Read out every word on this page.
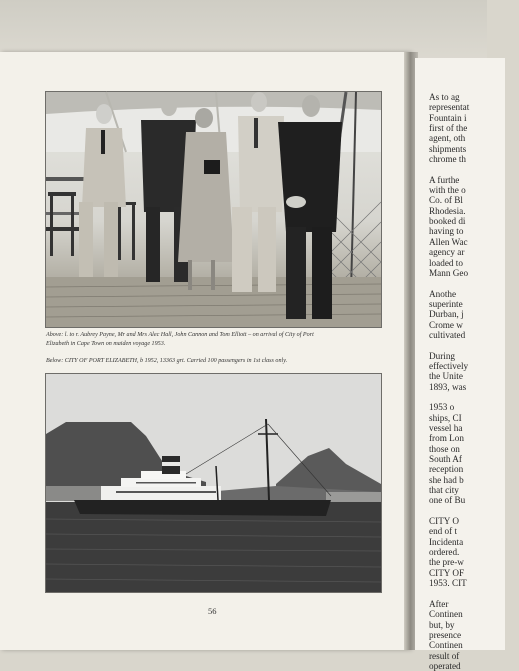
As to ag
representat
Fountain i
first of the
agent, oth
shipments
chrome th
A furthe
with the o
Co. of Bl
Rhodesia.
booked di
having to
Allen Wac
agency ar
loaded to
Mann Geo
Anothe
superinte
Durban, j
Crome w
cultivated
During
effectively
the Unite
1893, was
1953 o
ships, CI
vessel ha
from Lon
those on
South Af
reception
she had b
that city
one of Bu
CITY O
end of t
Incidenta
ordered.
the pre-w
CITY OF
1953. CIT
After
Continen
but, by
presence
Continen
result of
operated
Above: l. to r. Aubrey Payne, Mr and Mrs Alec Hall, John Cannon and Tom Elliott – on arrival of City of Port
Elizabeth in Cape Town on maiden voyage 1953.
Below: CITY OF PORT ELIZABETH, b 1952, 13363 grt. Carried 100 passengers in 1st class only.
56
